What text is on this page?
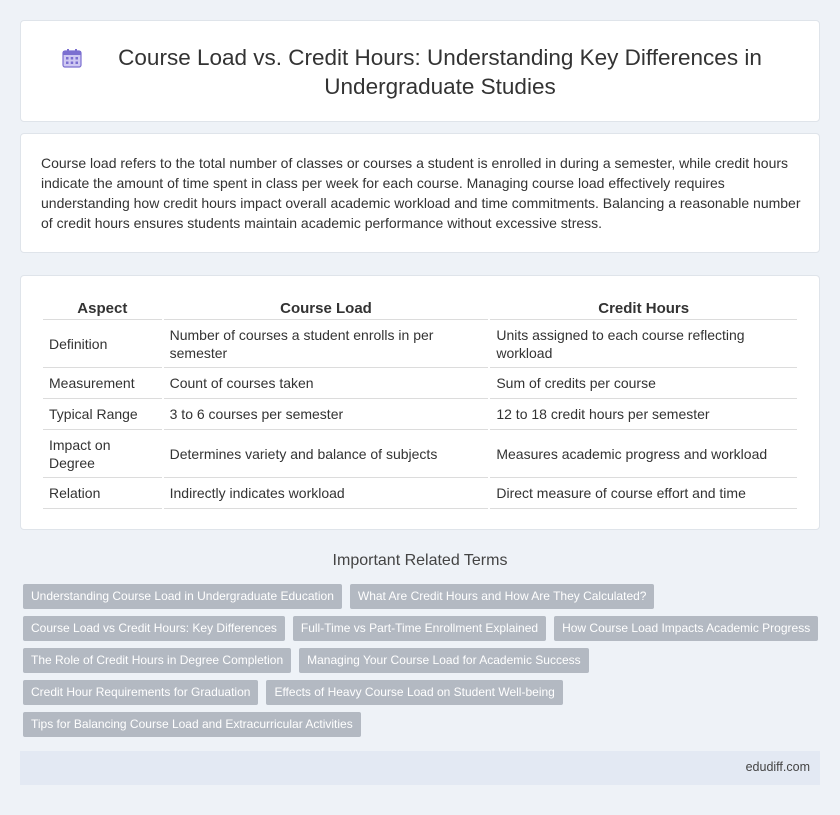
Course Load vs. Credit Hours: Understanding Key Differences in Undergraduate Studies

Course load refers to the total number of classes or courses a student is enrolled in during a semester, while credit hours indicate the amount of time spent in class per week for each course. Managing course load effectively requires understanding how credit hours impact overall academic workload and time commitments. Balancing a reasonable number of credit hours ensures students maintain academic performance without excessive stress.

Aspect	Course Load	Credit Hours
Definition	Number of courses a student enrolls in per semester	Units assigned to each course reflecting workload
Measurement	Count of courses taken	Sum of credits per course
Typical Range	3 to 6 courses per semester	12 to 18 credit hours per semester
Impact on Degree	Determines variety and balance of subjects	Measures academic progress and workload
Relation	Indirectly indicates workload	Direct measure of course effort and time
Important Related Terms
Understanding Course Load in Undergraduate Education	What Are Credit Hours and How Are They Calculated?
Course Load vs Credit Hours: Key Differences	Full-Time vs Part-Time Enrollment Explained	How Course Load Impacts Academic Progress
The Role of Credit Hours in Degree Completion	Managing Your Course Load for Academic Success
Credit Hour Requirements for Graduation	Effects of Heavy Course Load on Student Well-being
Tips for Balancing Course Load and Extracurricular Activities
edudiff.com
